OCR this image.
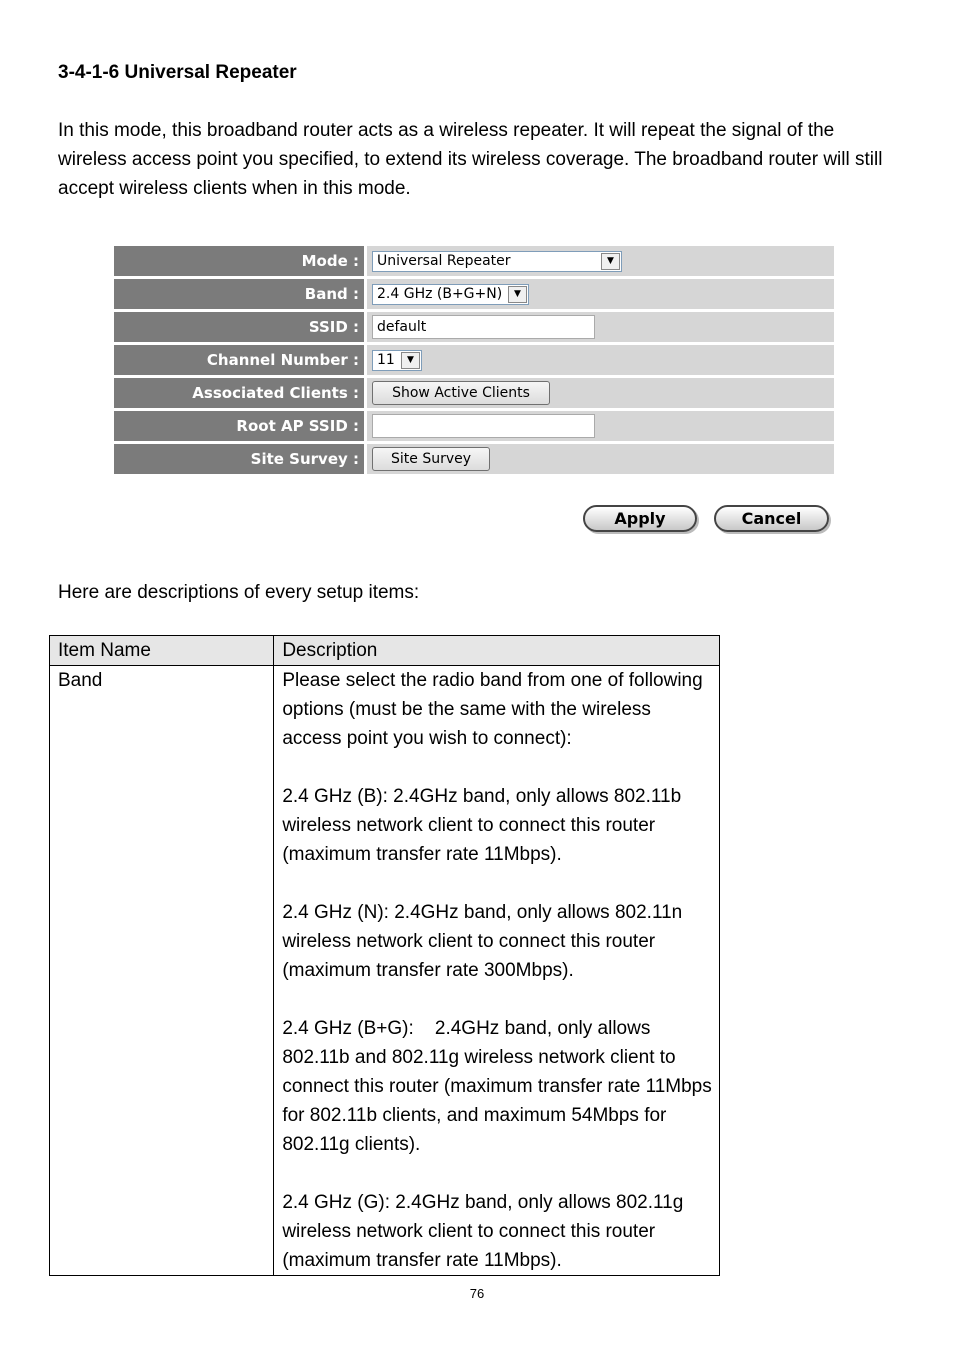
3-4-1-6 Universal Repeater

In this mode, this broadband router acts as a wireless repeater. It will repeat the signal of the wireless access point you specified, to extend its wireless coverage. The broadband router will still accept wireless clients when in this mode.

Mode :	Universal Repeater	▼
Band :	2.4 GHz (B+G+N)	▼
SSID :	default
Channel Number :	11	▼
Associated Clients :	Show Active Clients
Root AP SSID :
Site Survey :	Site Survey
Apply	Cancel

Here are descriptions of every setup items:

Item Name	Description
Band	Please select the radio band from one of following options (must be the same with the wireless access point you wish to connect):

2.4 GHz (B): 2.4GHz band, only allows 802.11b wireless network client to connect this router (maximum transfer rate 11Mbps).

2.4 GHz (N): 2.4GHz band, only allows 802.11n wireless network client to connect this router (maximum transfer rate 300Mbps).

2.4 GHz (B+G):    2.4GHz band, only allows 802.11b and 802.11g wireless network client to connect this router (maximum transfer rate 11Mbps for 802.11b clients, and maximum 54Mbps for 802.11g clients).

2.4 GHz (G): 2.4GHz band, only allows 802.11g wireless network client to connect this router (maximum transfer rate 11Mbps).

76
